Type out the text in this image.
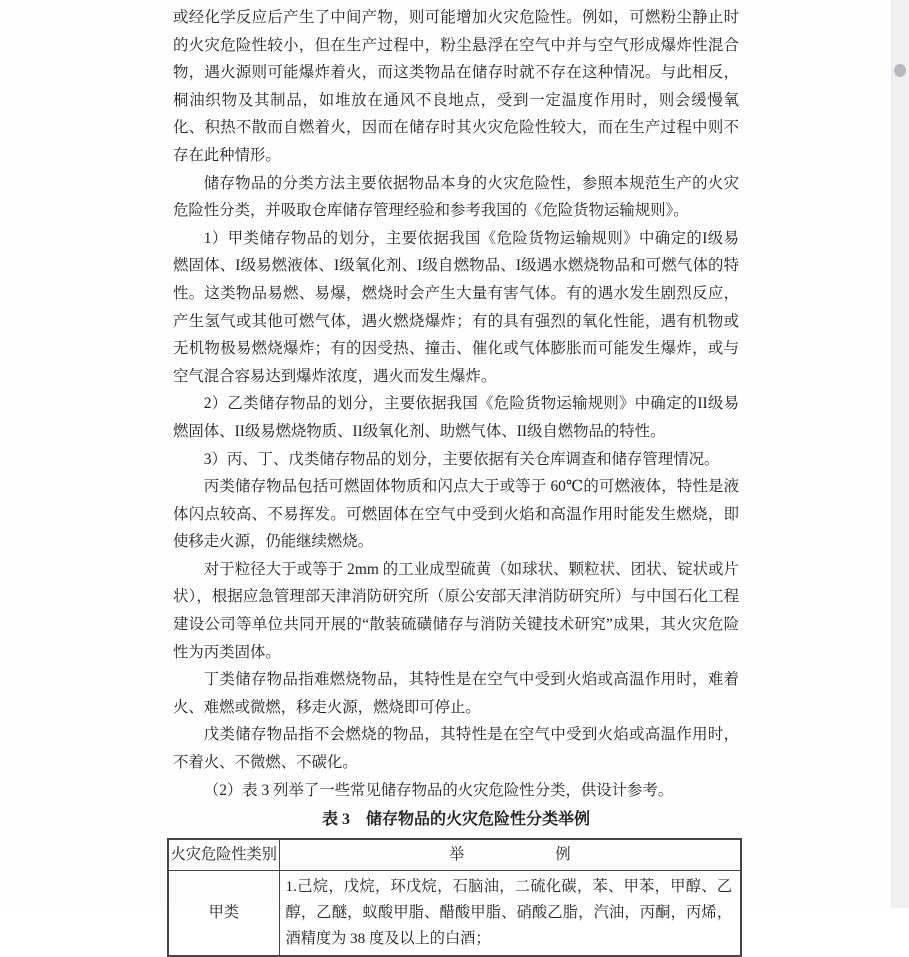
或经化学反应后产生了中间产物，则可能增加火灾危险性。例如，可燃粉尘静止时的火灾危险性较小，但在生产过程中，粉尘悬浮在空气中并与空气形成爆炸性混合物，遇火源则可能爆炸着火，而这类物品在储存时就不存在这种情况。与此相反，桐油织物及其制品，如堆放在通风不良地点，受到一定温度作用时，则会缓慢氧化、积热不散而自燃着火，因而在储存时其火灾危险性较大，而在生产过程中则不存在此种情形。

储存物品的分类方法主要依据物品本身的火灾危险性，参照本规范生产的火灾危险性分类，并吸取仓库储存管理经验和参考我国的《危险货物运输规则》。

1）甲类储存物品的划分，主要依据我国《危险货物运输规则》中确定的I级易燃固体、I级易燃液体、I级氧化剂、I级自燃物品、I级遇水燃烧物品和可燃气体的特性。这类物品易燃、易爆，燃烧时会产生大量有害气体。有的遇水发生剧烈反应，产生氢气或其他可燃气体，遇火燃烧爆炸；有的具有强烈的氧化性能，遇有机物或无机物极易燃烧爆炸；有的因受热、撞击、催化或气体膨胀而可能发生爆炸，或与空气混合容易达到爆炸浓度，遇火而发生爆炸。

2）乙类储存物品的划分，主要依据我国《危险货物运输规则》中确定的II级易燃固体、II级易燃烧物质、II级氧化剂、助燃气体、II级自燃物品的特性。

3）丙、丁、戊类储存物品的划分，主要依据有关仓库调查和储存管理情况。

丙类储存物品包括可燃固体物质和闪点大于或等于 60℃的可燃液体，特性是液体闪点较高、不易挥发。可燃固体在空气中受到火焰和高温作用时能发生燃烧，即使移走火源，仍能继续燃烧。

对于粒径大于或等于 2mm 的工业成型硫黄（如球状、颗粒状、团状、锭状或片状），根据应急管理部天津消防研究所（原公安部天津消防研究所）与中国石化工程建设公司等单位共同开展的“散装硫磺储存与消防关键技术研究”成果，其火灾危险性为丙类固体。

丁类储存物品指难燃烧物品，其特性是在空气中受到火焰或高温作用时，难着火、难燃或微燃，移走火源，燃烧即可停止。

戊类储存物品指不会燃烧的物品，其特性是在空气中受到火焰或高温作用时，不着火、不微燃、不碳化。

（2）表 3 列举了一些常见储存物品的火灾危险性分类，供设计参考。

表 3　储存物品的火灾危险性分类举例
火灾危险性类别	举　　　　　　例
甲类	1.己烷，戊烷，环戊烷，石脑油，二硫化碳，苯、甲苯，甲醇、乙醇，乙醚，蚁酸甲脂、醋酸甲脂、硝酸乙脂，汽油，丙酮，丙烯，酒精度为 38 度及以上的白酒；
